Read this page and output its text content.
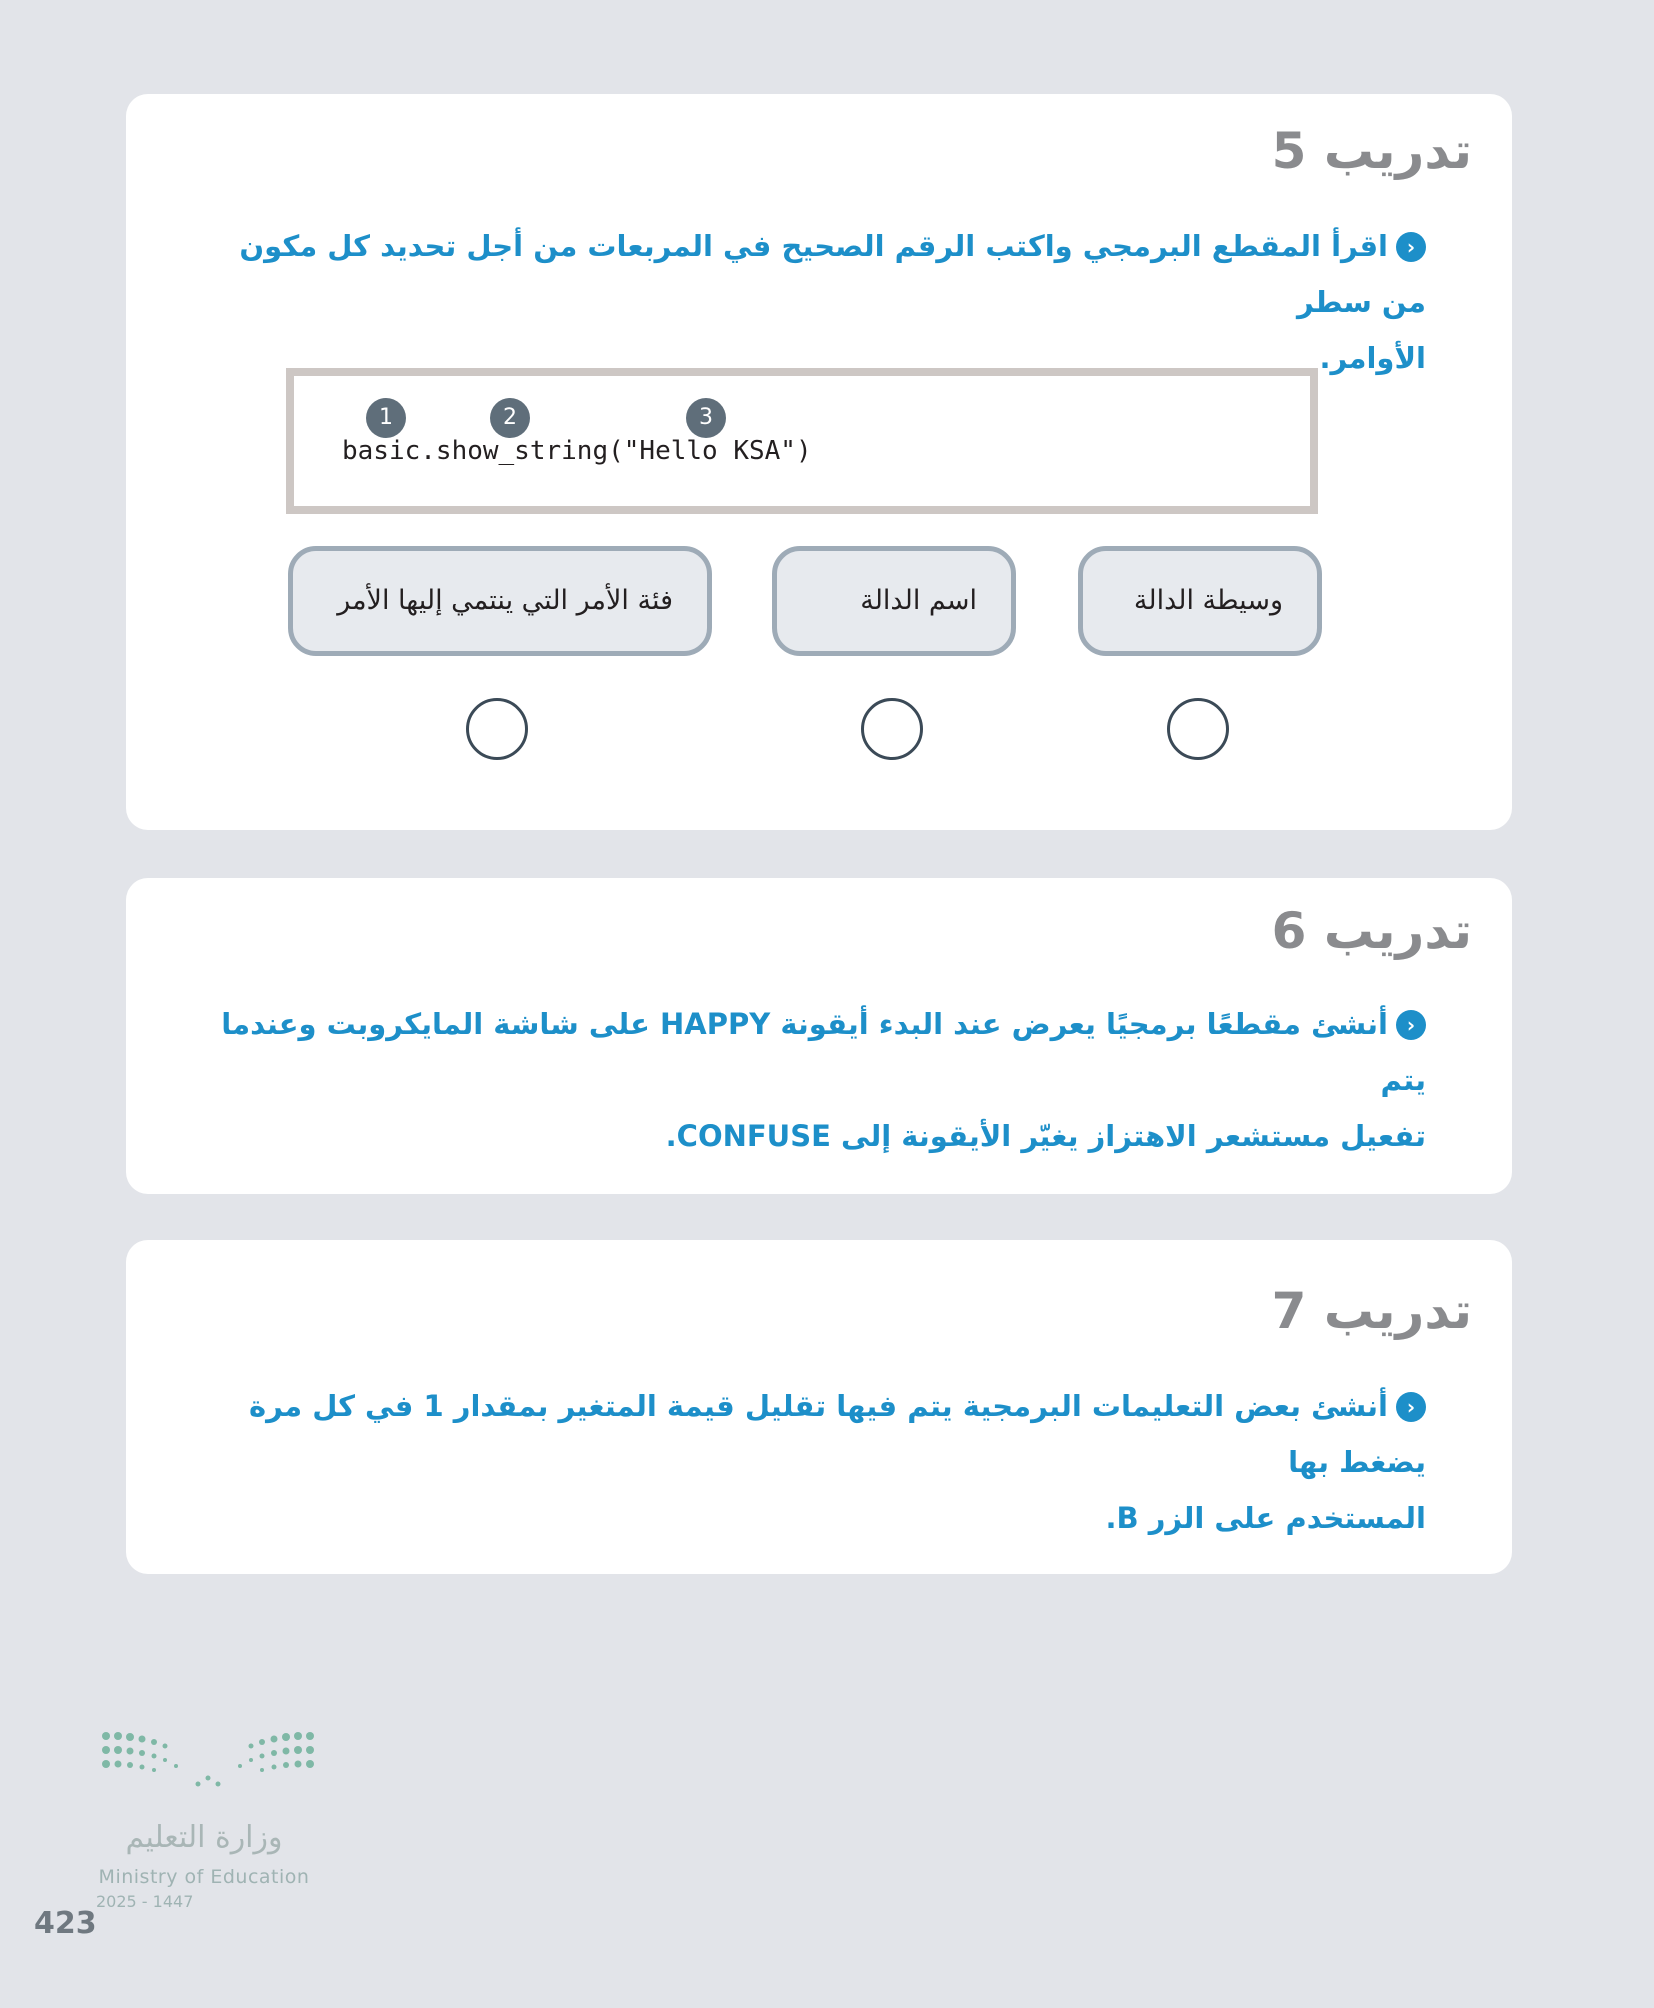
تدريب 5
‹اقرأ المقطع البرمجي واكتب الرقم الصحيح في المربعات من أجل تحديد كل مكون من سطر
الأوامر.
1	2	3
basic.show_string("Hello KSA")
وسيطة الدالة
اسم الدالة
فئة الأمر التي ينتمي إليها الأمر
تدريب 6
‹أنشئ مقطعًا برمجيًا يعرض عند البدء أيقونة HAPPY على شاشة المايكروبت وعندما يتم
تفعيل مستشعر الاهتزاز يغيّر الأيقونة إلى CONFUSE.
تدريب 7
‹أنشئ بعض التعليمات البرمجية يتم فيها تقليل قيمة المتغير بمقدار 1 في كل مرة يضغط بها
المستخدم على الزر B.
وزارة التعليم
Ministry of Education
2025 - 1447
423
